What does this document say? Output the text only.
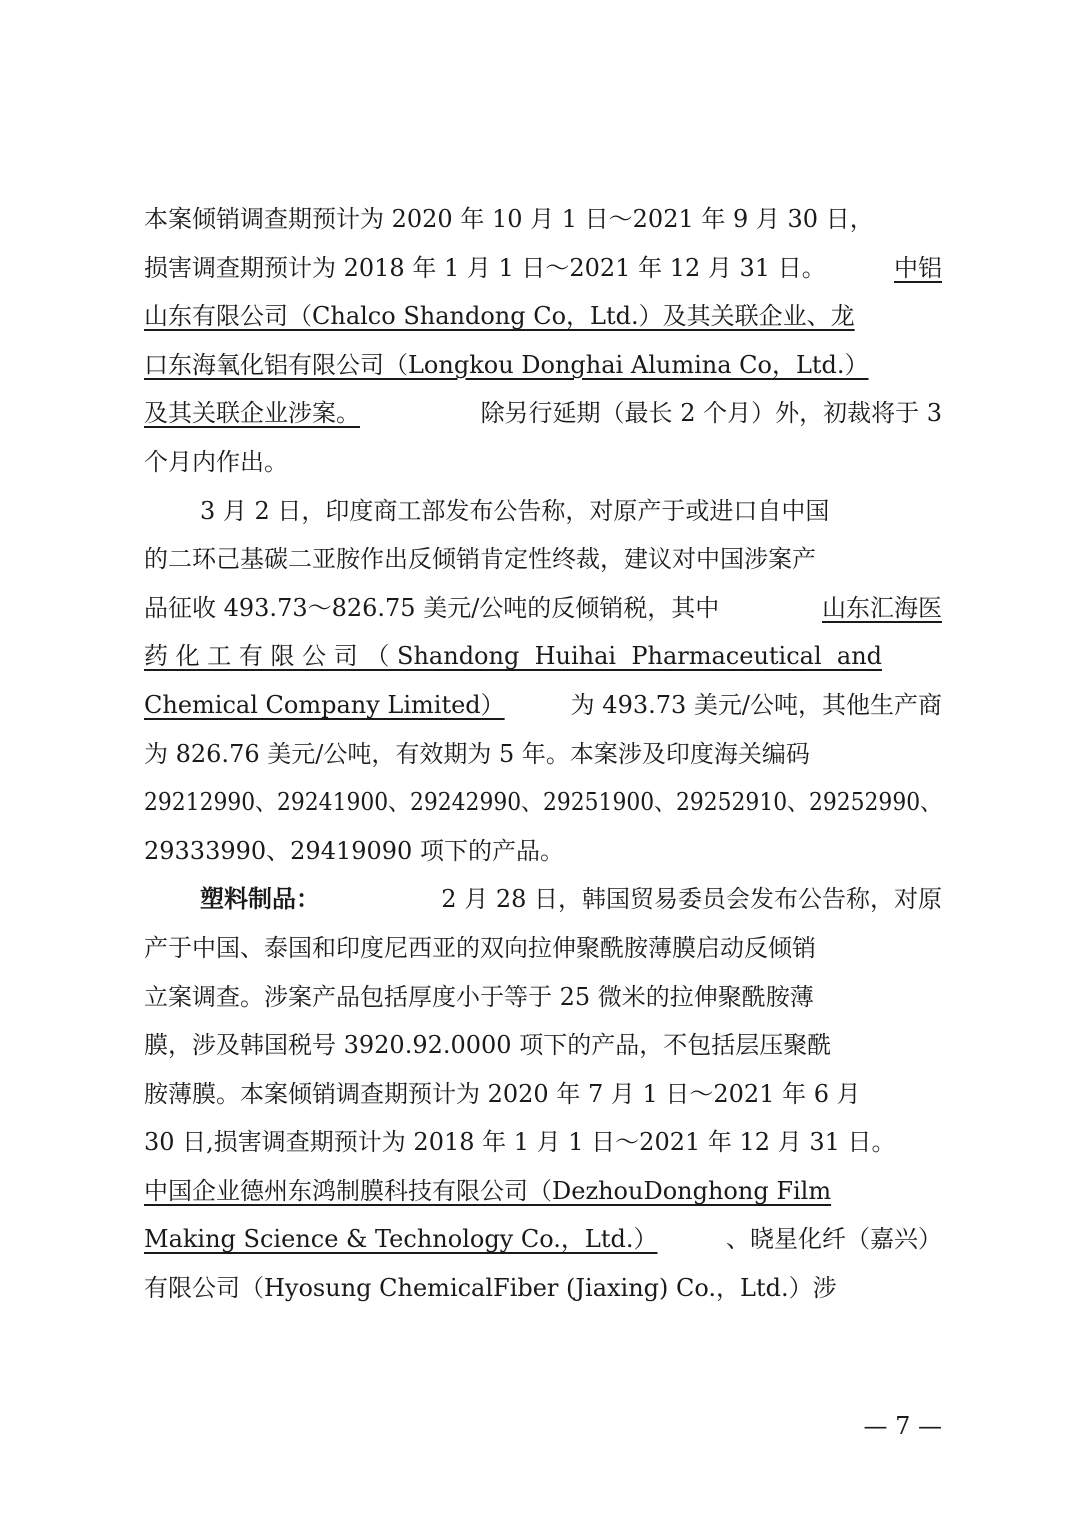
本案倾销调查期预计为 2020 年 10 月 1 日～2021 年 9 月 30 日，
损害调查期预计为 2018 年 1 月 1 日～2021 年 12 月 31 日。	中铝
山东有限公司（Chalco Shandong Co，Ltd.）及其关联企业、龙
口东海氧化铝有限公司（Longkou Donghai Alumina Co，Ltd.）
及其关联企业涉案。	除另行延期（最长 2 个月）外，初裁将于 3
个月内作出。
3 月 2 日，印度商工部发布公告称，对原产于或进口自中国
的二环己基碳二亚胺作出反倾销肯定性终裁，建议对中国涉案产
品征收 493.73～826.75 美元/公吨的反倾销税，其中	山东汇海医
药 化 工 有 限 公 司 （ Shandong  Huihai  Pharmaceutical  and
Chemical Company Limited）	为 493.73 美元/公吨，其他生产商
为 826.76 美元/公吨，有效期为 5 年。本案涉及印度海关编码
29212990、29241900、29242990、29251900、29252910、29252990、
29333990、29419090 项下的产品。
塑料制品：	2 月 28 日，韩国贸易委员会发布公告称，对原
产于中国、泰国和印度尼西亚的双向拉伸聚酰胺薄膜启动反倾销
立案调查。涉案产品包括厚度小于等于 25 微米的拉伸聚酰胺薄
膜，涉及韩国税号 3920.92.0000 项下的产品，不包括层压聚酰
胺薄膜。本案倾销调查期预计为 2020 年 7 月 1 日～2021 年 6 月
30 日,损害调查期预计为 2018 年 1 月 1 日～2021 年 12 月 31 日。
中国企业德州东鸿制膜科技有限公司（DezhouDonghong Film
Making Science & Technology Co.，Ltd.）	、晓星化纤（嘉兴）
有限公司（Hyosung ChemicalFiber (Jiaxing) Co.，Ltd.）涉
— 7 —
